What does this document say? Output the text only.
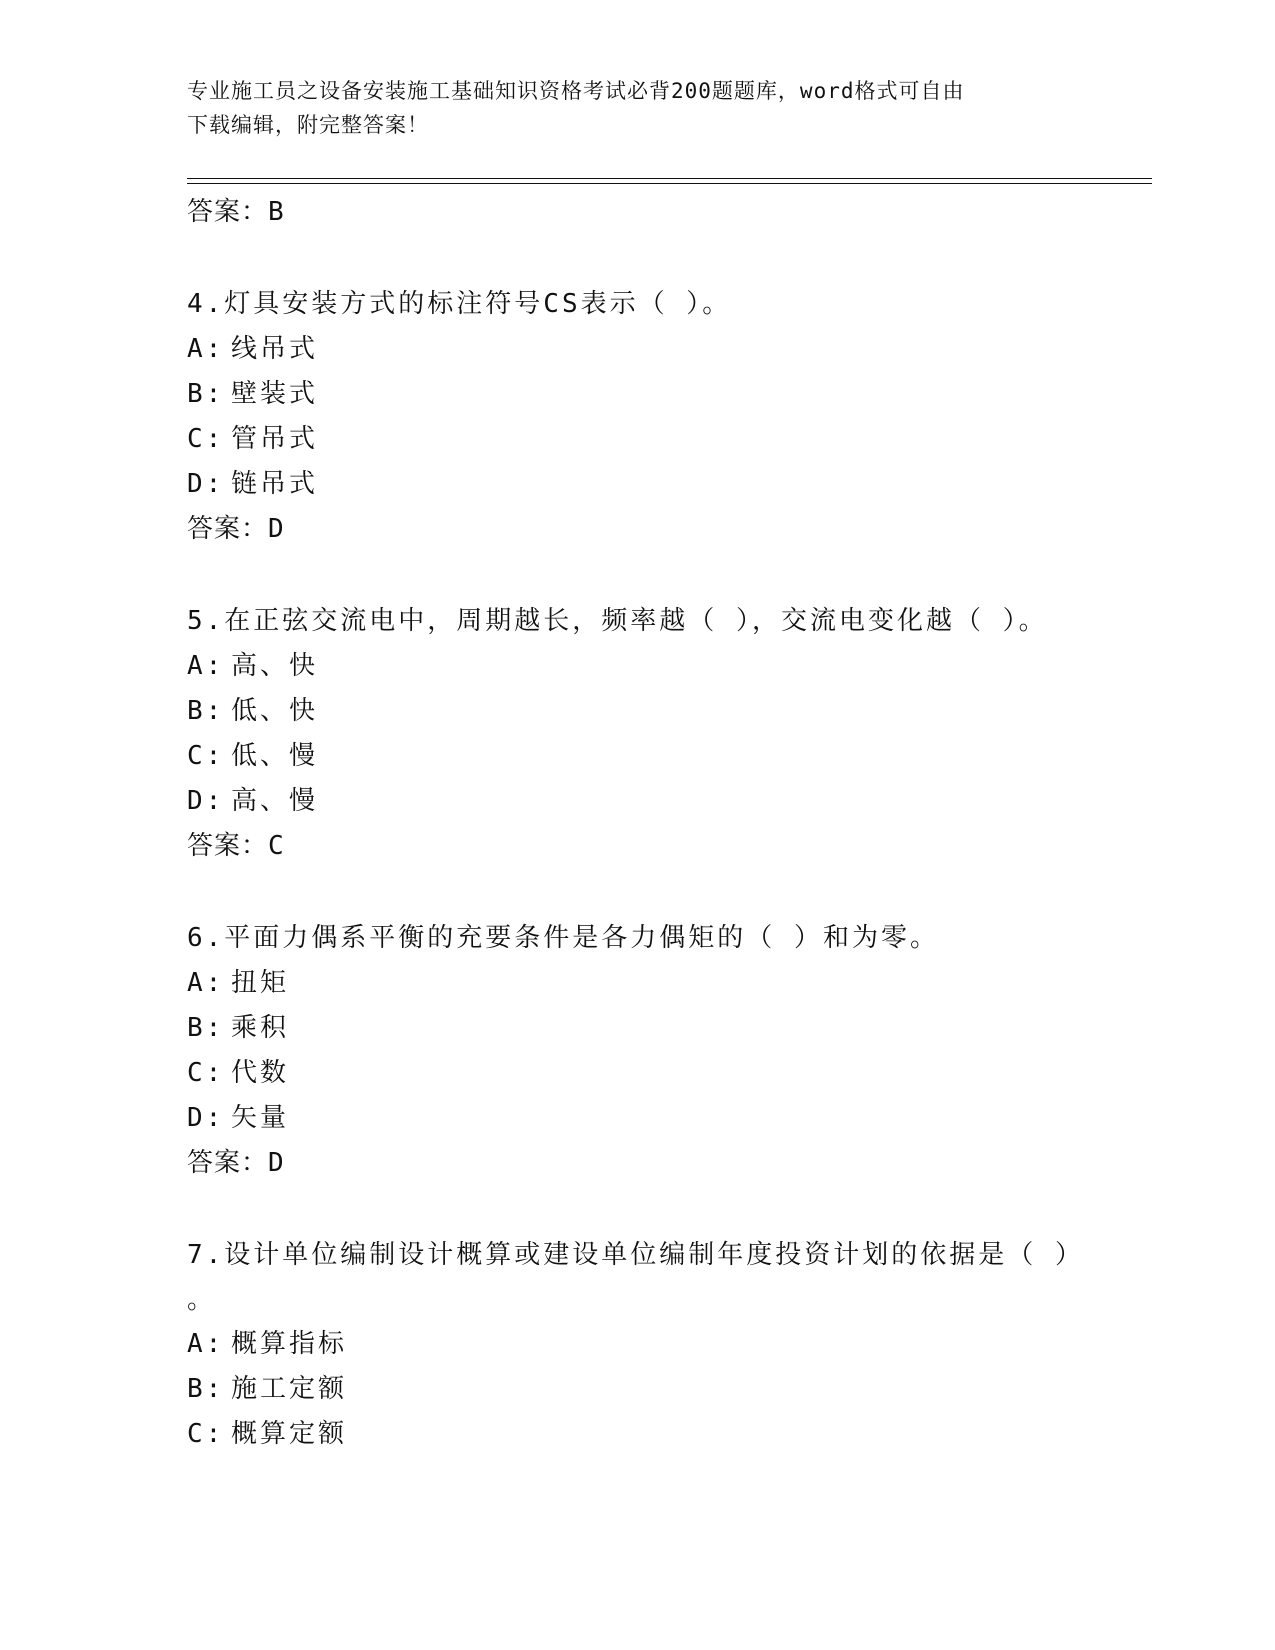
专业施工员之设备安装施工基础知识资格考试必背200题题库，word格式可自由
下载编辑，附完整答案！
答案：B
4.灯具安装方式的标注符号CS表示（ ）。
A: 线吊式
B: 壁装式
C: 管吊式
D: 链吊式
答案：D
5.在正弦交流电中，周期越长，频率越（ ），交流电变化越（ ）。
A: 高、快
B: 低、快
C: 低、慢
D: 高、慢
答案：C
6.平面力偶系平衡的充要条件是各力偶矩的（ ）和为零。
A: 扭矩
B: 乘积
C: 代数
D: 矢量
答案：D
7.设计单位编制设计概算或建设单位编制年度投资计划的依据是（ ）
。
A: 概算指标
B: 施工定额
C: 概算定额
